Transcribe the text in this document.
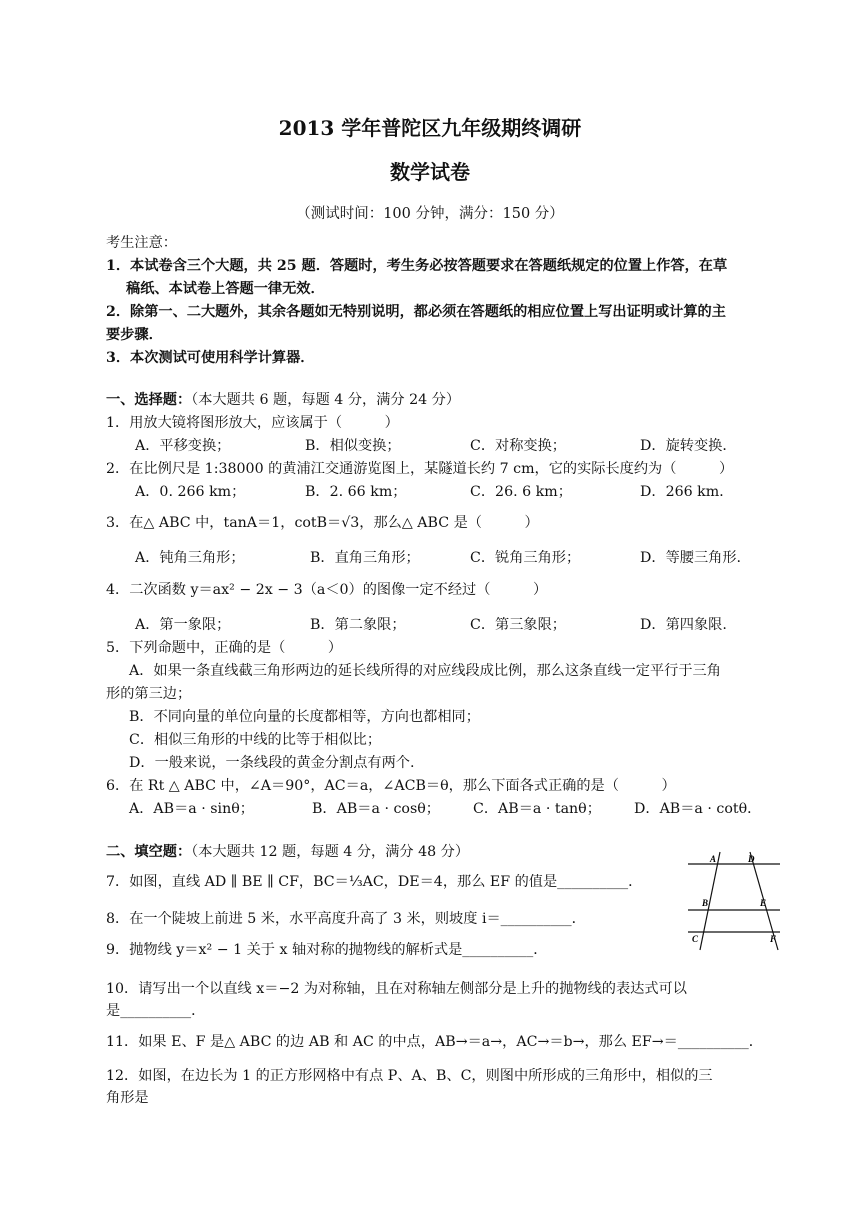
2013 学年普陀区九年级期终调研
数学试卷
（测试时间：100 分钟，满分：150 分）
考生注意：
1．本试卷含三个大题，共 25 题．答题时，考生务必按答题要求在答题纸规定的位置上作答，在草
稿纸、本试卷上答题一律无效．
2．除第一、二大题外，其余各题如无特别说明，都必须在答题纸的相应位置上写出证明或计算的主
要步骤．
3．本次测试可使用科学计算器．
一、选择题：（本大题共 6 题，每题 4 分，满分 24 分）
1．用放大镜将图形放大，应该属于（　　　）
A．平移变换；	B．相似变换；	C．对称变换；	D．旋转变换．
2．在比例尺是 1:38000 的黄浦江交通游览图上，某隧道长约 7 cm，它的实际长度约为（　　　）
A．0. 266 km；	B．2. 66 km；	C．26. 6 km；	D．266 km．
3．在△ ABC 中，tanA＝1，cotB＝√3，那么△ ABC 是（　　　）
A．钝角三角形；	B．直角三角形；	C．锐角三角形；	D．等腰三角形.
4．二次函数 y＝ax² − 2x − 3（a＜0）的图像一定不经过（　　　）
A．第一象限；	B．第二象限；	C．第三象限；	D．第四象限.
5．下列命题中，正确的是（　　　）
A．如果一条直线截三角形两边的延长线所得的对应线段成比例，那么这条直线一定平行于三角
形的第三边；
B．不同向量的单位向量的长度都相等，方向也都相同；
C．相似三角形的中线的比等于相似比；
D．一般来说，一条线段的黄金分割点有两个.
6．在 Rt △ ABC 中，∠A＝90°，AC＝a，∠ACB＝θ，那么下面各式正确的是（　　　）
A．AB＝a · sinθ；	B．AB＝a · cosθ； C．AB＝a · tanθ； D．AB＝a · cotθ．
二、填空题：（本大题共 12 题，每题 4 分，满分 48 分）
7．如图，直线 AD ∥ BE ∥ CF，BC＝⅓AC，DE＝4，那么 EF 的值是__________．
8．在一个陡坡上前进 5 米，水平高度升高了 3 米，则坡度 i＝__________．
9．抛物线 y＝x² − 1 关于 x 轴对称的抛物线的解析式是__________．
10．请写出一个以直线 x＝−2 为对称轴，且在对称轴左侧部分是上升的抛物线的表达式可以
是__________．
11．如果 E、F 是△ ABC 的边 AB 和 AC 的中点，AB→＝a→，AC→＝b→，那么 EF→＝__________．
12．如图，在边长为 1 的正方形网格中有点 P、A、B、C，则图中所形成的三角形中，相似的三
角形是
A	D
B	E
C	F
